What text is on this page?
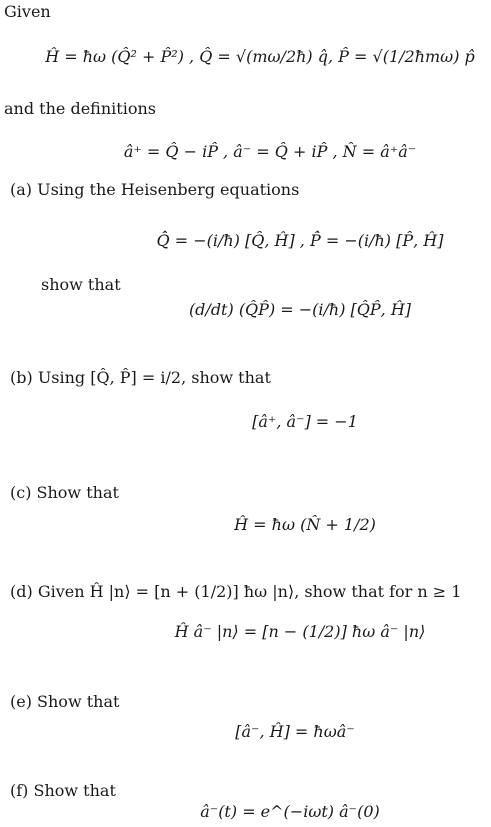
Given
Ĥ = ħω (Q̂² + P̂²) , Q̂ = √(mω/2ħ) q̂, P̂ = √(1/2ħmω) p̂
and the definitions
â⁺ = Q̂ − iP̂ , â⁻ = Q̂ + iP̂ , N̂ = â⁺â⁻
(a) Using the Heisenberg equations
Q̂̇ = −(i/ħ) [Q̂, Ĥ] , P̂̇ = −(i/ħ) [P̂, Ĥ]
show that
(d/dt) (Q̂P̂) = −(i/ħ) [Q̂P̂, Ĥ]
(b) Using [Q̂, P̂] = i/2, show that
[â⁺, â⁻] = −1
(c) Show that
Ĥ = ħω (N̂ + 1/2)
(d) Given Ĥ |n⟩ = [n + (1/2)] ħω |n⟩, show that for n ≥ 1
Ĥ â⁻ |n⟩ = [n − (1/2)] ħω â⁻ |n⟩
(e) Show that
[â⁻, Ĥ] = ħωâ⁻
(f) Show that
â⁻(t) = e^(−iωt) â⁻(0)
